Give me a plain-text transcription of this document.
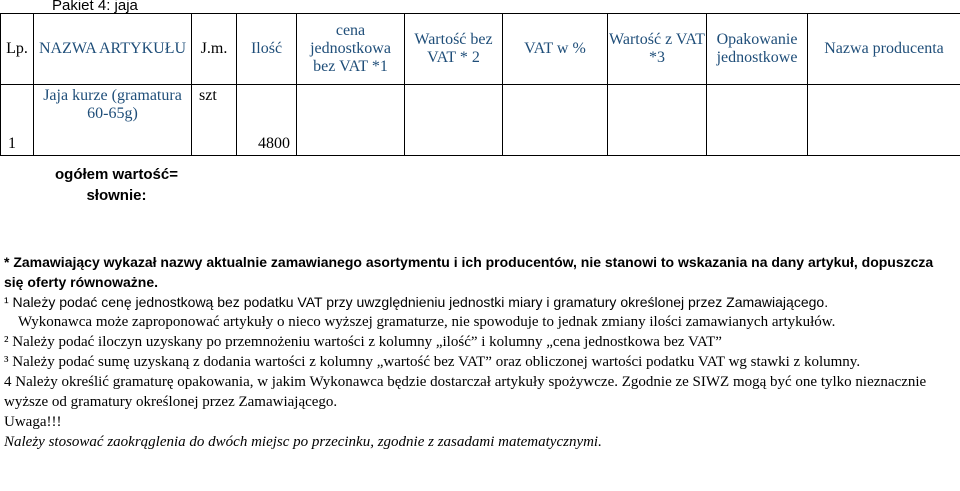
Pakiet 4: jaja
Lp.	NAZWA ARTYKUŁU	J.m.	Ilość	cena jednostkowa bez VAT *1	Wartość bez VAT * 2	VAT w %	Wartość z VAT *3	Opakowanie jednostkowe	Nazwa producenta
1	Jaja kurze (gramatura 60-65g)	szt	4800						
ogółem wartość=
słownie:

* Zamawiający wykazał nazwy aktualnie zamawianego asortymentu i ich producentów, nie stanowi to wskazania na dany artykuł, dopuszcza się oferty równoważne.

¹ Należy podać cenę jednostkową bez podatku VAT przy uwzględnieniu jednostki miary i gramatury określonej przez Zamawiającego.

Wykonawca może zaproponować artykuły o nieco wyższej gramaturze, nie spowoduje to jednak zmiany ilości zamawianych artykułów.

² Należy podać iloczyn uzyskany po przemnożeniu wartości z kolumny „ilość” i kolumny „cena jednostkowa bez VAT”

³ Należy podać sumę uzyskaną z dodania wartości z kolumny „wartość bez VAT” oraz obliczonej wartości podatku VAT wg stawki z kolumny.

4 Należy określić gramaturę opakowania, w jakim Wykonawca będzie dostarczał artykuły spożywcze. Zgodnie ze SIWZ mogą być one tylko nieznacznie wyższe od gramatury określonej przez Zamawiającego.

Uwaga!!!

Należy stosować zaokrąglenia do dwóch miejsc po przecinku, zgodnie z zasadami matematycznymi.
